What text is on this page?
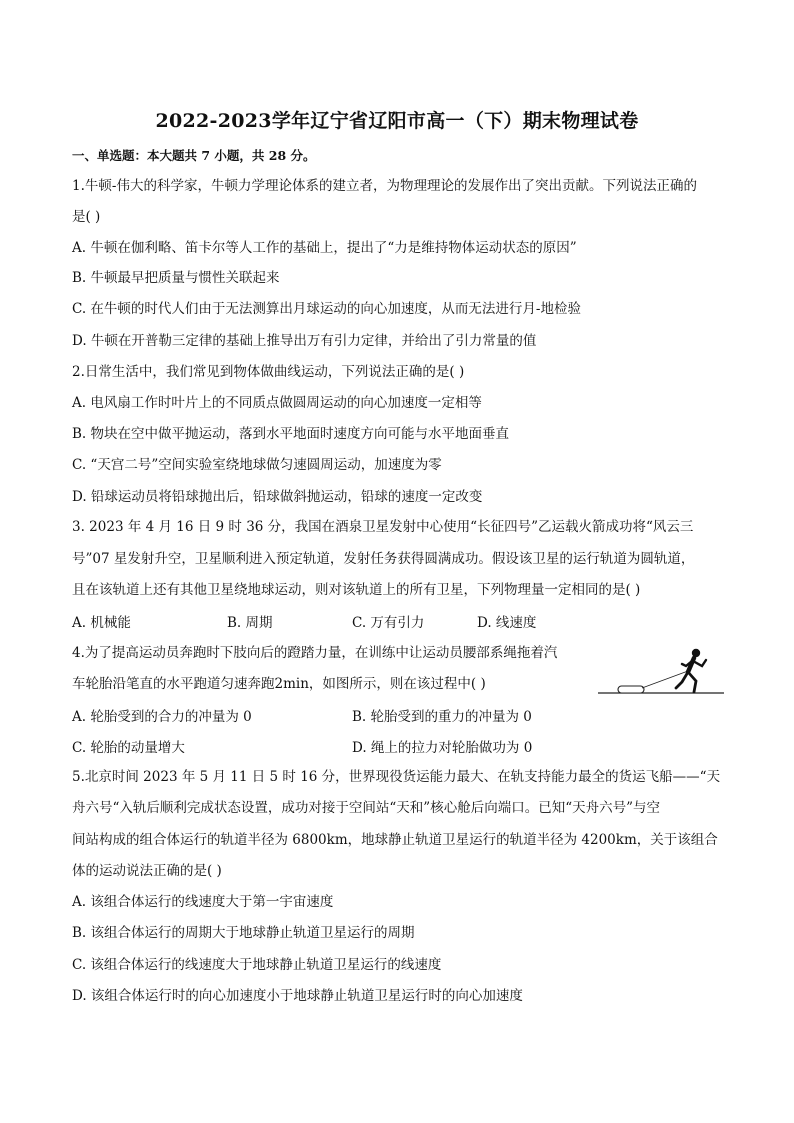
2022-2023学年辽宁省辽阳市高一（下）期末物理试卷
一、单选题：本大题共 7 小题，共 28 分。
1.牛顿-伟大的科学家，牛顿力学理论体系的建立者，为物理理论的发展作出了突出贡献。下列说法正确的
是( )
A. 牛顿在伽利略、笛卡尔等人工作的基础上，提出了“力是维持物体运动状态的原因”
B. 牛顿最早把质量与惯性关联起来
C. 在牛顿的时代人们由于无法测算出月球运动的向心加速度，从而无法进行月-地检验
D. 牛顿在开普勒三定律的基础上推导出万有引力定律，并给出了引力常量的值
2.日常生活中，我们常见到物体做曲线运动，下列说法正确的是( )
A. 电风扇工作时叶片上的不同质点做圆周运动的向心加速度一定相等
B. 物块在空中做平抛运动，落到水平地面时速度方向可能与水平地面垂直
C. “天宫二号”空间实验室绕地球做匀速圆周运动，加速度为零
D. 铅球运动员将铅球抛出后，铅球做斜抛运动，铅球的速度一定改变
3. 2023 年 4 月 16 日 9 时 36 分，我国在酒泉卫星发射中心使用“长征四号”乙运载火箭成功将“风云三
号”07 星发射升空，卫星顺利进入预定轨道，发射任务获得圆满成功。假设该卫星的运行轨道为圆轨道，
且在该轨道上还有其他卫星绕地球运动，则对该轨道上的所有卫星，下列物理量一定相同的是( )
A. 机械能	B. 周期	C. 万有引力	D. 线速度
4.为了提高运动员奔跑时下肢向后的蹬踏力量，在训练中让运动员腰部系绳拖着汽
车轮胎沿笔直的水平跑道匀速奔跑2min，如图所示，则在该过程中( )
A. 轮胎受到的合力的冲量为 0	B. 轮胎受到的重力的冲量为 0
C. 轮胎的动量增大	D. 绳上的拉力对轮胎做功为 0
5.北京时间 2023 年 5 月 11 日 5 时 16 分，世界现役货运能力最大、在轨支持能力最全的货运飞船——“天
舟六号“入轨后顺利完成状态设置，成功对接于空间站“天和”核心舱后向端口。已知“天舟六号”与空
间站构成的组合体运行的轨道半径为 6800km，地球静止轨道卫星运行的轨道半径为 4200km，关于该组合
体的运动说法正确的是( )
A. 该组合体运行的线速度大于第一宇宙速度
B. 该组合体运行的周期大于地球静止轨道卫星运行的周期
C. 该组合体运行的线速度大于地球静止轨道卫星运行的线速度
D. 该组合体运行时的向心加速度小于地球静止轨道卫星运行时的向心加速度
